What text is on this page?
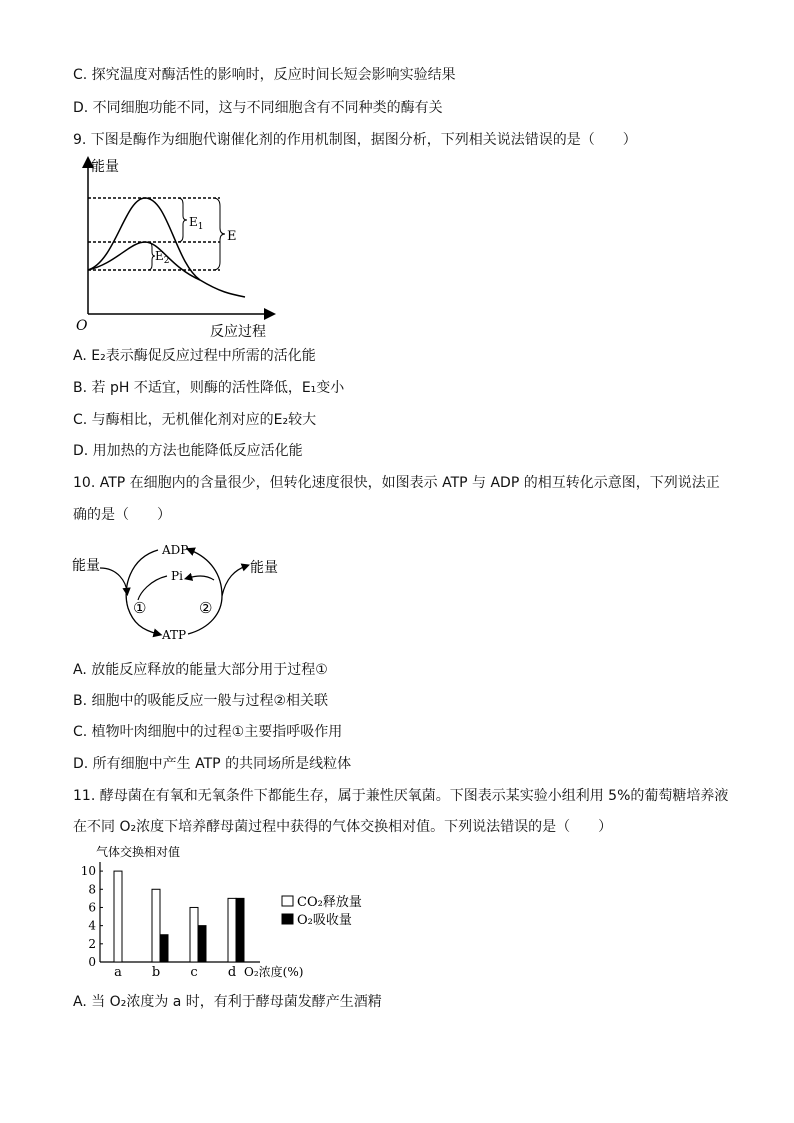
C. 探究温度对酶活性的影响时，反应时间长短会影响实验结果
D. 不同细胞功能不同，这与不同细胞含有不同种类的酶有关
9. 下图是酶作为细胞代谢催化剂的作用机制图，据图分析，下列相关说法错误的是（　　）
能量
O	反应过程
$E_1$
$E_2$
E
A. E₂表示酶促反应过程中所需的活化能
B. 若 pH 不适宜，则酶的活性降低，E₁变小
C. 与酶相比，无机催化剂对应的E₂较大
D. 用加热的方法也能降低反应活化能
10. ATP 在细胞内的含量很少，但转化速度很快，如图表示 ATP 与 ADP 的相互转化示意图，下列说法正
确的是（　　）
ADP
Pi
ATP
能量	能量
①	②
A. 放能反应释放的能量大部分用于过程①
B. 细胞中的吸能反应一般与过程②相关联
C. 植物叶肉细胞中的过程①主要指呼吸作用
D. 所有细胞中产生 ATP 的共同场所是线粒体
11. 酵母菌在有氧和无氧条件下都能生存，属于兼性厌氧菌。下图表示某实验小组利用 5%的葡萄糖培养液
在不同 O₂浓度下培养酵母菌过程中获得的气体交换相对值。下列说法错误的是（　　）
气体交换相对值
0
2
4
6
8
10
a b c d O₂浓度(%)
CO₂释放量
O₂吸收量
A. 当 O₂浓度为 a 时，有利于酵母菌发酵产生酒精
